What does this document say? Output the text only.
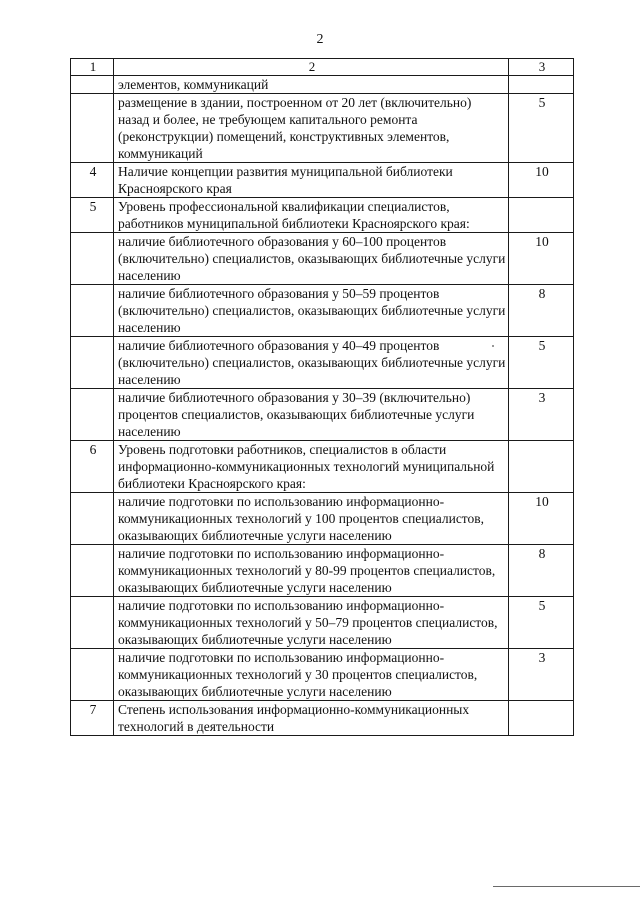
2
1	2	3
	элементов, коммуникаций	
	размещение в здании, построенном от 20 лет (включительно) назад и более, не требующем капитального ремонта (реконструкции) помещений, конструктивных элементов, коммуникаций	5
4	Наличие концепции развития муниципальной библиотеки Красноярского края	10
5	Уровень профессиональной квалификации специалистов, работников муниципальной библиотеки Красноярского края:	
	наличие библиотечного образования у 60–100 процентов (включительно) специалистов, оказывающих библиотечные услуги населению	10
	наличие библиотечного образования у 50–59 процентов (включительно) специалистов, оказывающих библиотечные услуги населению	8
	наличие библиотечного образования у 40–49 процентов (включительно) специалистов, оказывающих библиотечные услуги населению	5
	наличие библиотечного образования у 30–39 (включительно) процентов специалистов, оказывающих библиотечные услуги населению	3
6	Уровень подготовки работников, специалистов в области информационно-коммуникационных технологий муниципальной библиотеки Красноярского края:	
	наличие подготовки по использованию информационно-коммуникационных технологий у 100 процентов специалистов, оказывающих библиотечные услуги населению	10
	наличие подготовки по использованию информационно-коммуникационных технологий у 80-99 процентов специалистов, оказывающих библиотечные услуги населению	8
	наличие подготовки по использованию информационно-коммуникационных технологий у 50–79 процентов специалистов, оказывающих библиотечные услуги населению	5
	наличие подготовки по использованию информационно-коммуникационных технологий у 30 процентов специалистов, оказывающих библиотечные услуги населению	3
7	Степень использования информационно-коммуникационных технологий в деятельности	
